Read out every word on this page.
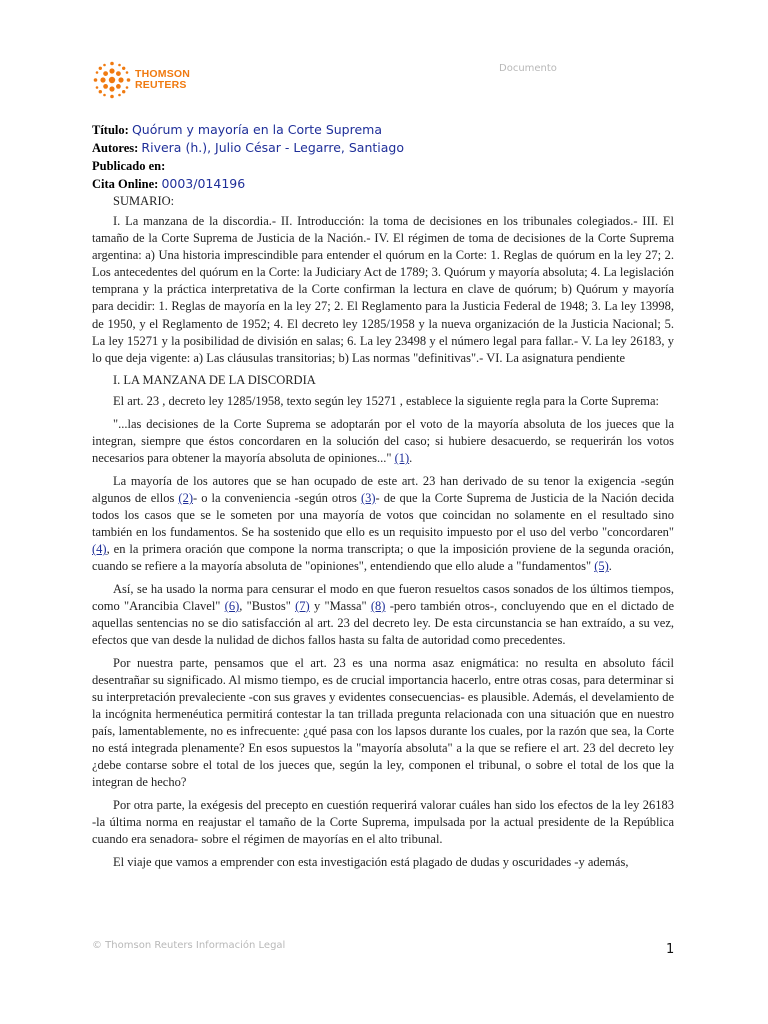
THOMSON
REUTERS
Documento
Título: Quórum y mayoría en la Corte Suprema
Autores: Rivera (h.), Julio César - Legarre, Santiago
Publicado en:
Cita Online: 0003/014196
SUMARIO:

I. La manzana de la discordia.- II. Introducción: la toma de decisiones en los tribunales colegiados.- III. El tamaño de la Corte Suprema de Justicia de la Nación.- IV. El régimen de toma de decisiones de la Corte Suprema argentina: a) Una historia imprescindible para entender el quórum en la Corte: 1. Reglas de quórum en la ley 27; 2. Los antecedentes del quórum en la Corte: la Judiciary Act de 1789; 3. Quórum y mayoría absoluta; 4. La legislación temprana y la práctica interpretativa de la Corte confirman la lectura en clave de quórum; b) Quórum y mayoría para decidir: 1. Reglas de mayoría en la ley 27; 2. El Reglamento para la Justicia Federal de 1948; 3. La ley 13998, de 1950, y el Reglamento de 1952; 4. El decreto ley 1285/1958 y la nueva organización de la Justicia Nacional; 5. La ley 15271 y la posibilidad de división en salas; 6. La ley 23498 y el número legal para fallar.- V. La ley 26183, y lo que deja vigente: a) Las cláusulas transitorias; b) Las normas "definitivas".- VI. La asignatura pendiente

I. LA MANZANA DE LA DISCORDIA

El art. 23 , decreto ley 1285/1958, texto según ley 15271 , establece la siguiente regla para la Corte Suprema:

"...las decisiones de la Corte Suprema se adoptarán por el voto de la mayoría absoluta de los jueces que la integran, siempre que éstos concordaren en la solución del caso; si hubiere desacuerdo, se requerirán los votos necesarios para obtener la mayoría absoluta de opiniones..." (1).

La mayoría de los autores que se han ocupado de este art. 23 han derivado de su tenor la exigencia -según algunos de ellos (2)- o la conveniencia -según otros (3)- de que la Corte Suprema de Justicia de la Nación decida todos los casos que se le someten por una mayoría de votos que coincidan no solamente en el resultado sino también en los fundamentos. Se ha sostenido que ello es un requisito impuesto por el uso del verbo "concordaren" (4), en la primera oración que compone la norma transcripta; o que la imposición proviene de la segunda oración, cuando se refiere a la mayoría absoluta de "opiniones", entendiendo que ello alude a "fundamentos" (5).

Así, se ha usado la norma para censurar el modo en que fueron resueltos casos sonados de los últimos tiempos, como "Arancibia Clavel" (6), "Bustos" (7) y "Massa" (8) -pero también otros-, concluyendo que en el dictado de aquellas sentencias no se dio satisfacción al art. 23 del decreto ley. De esta circunstancia se han extraído, a su vez, efectos que van desde la nulidad de dichos fallos hasta su falta de autoridad como precedentes.

Por nuestra parte, pensamos que el art. 23 es una norma asaz enigmática: no resulta en absoluto fácil desentrañar su significado. Al mismo tiempo, es de crucial importancia hacerlo, entre otras cosas, para determinar si su interpretación prevaleciente -con sus graves y evidentes consecuencias- es plausible. Además, el develamiento de la incógnita hermenéutica permitirá contestar la tan trillada pregunta relacionada con una situación que en nuestro país, lamentablemente, no es infrecuente: ¿qué pasa con los lapsos durante los cuales, por la razón que sea, la Corte no está integrada plenamente? En esos supuestos la "mayoría absoluta" a la que se refiere el art. 23 del decreto ley ¿debe contarse sobre el total de los jueces que, según la ley, componen el tribunal, o sobre el total de los que la integran de hecho?

Por otra parte, la exégesis del precepto en cuestión requerirá valorar cuáles han sido los efectos de la ley 26183 -la última norma en reajustar el tamaño de la Corte Suprema, impulsada por la actual presidente de la República cuando era senadora- sobre el régimen de mayorías en el alto tribunal.

El viaje que vamos a emprender con esta investigación está plagado de dudas y oscuridades -y además,

© Thomson Reuters Información Legal	1
